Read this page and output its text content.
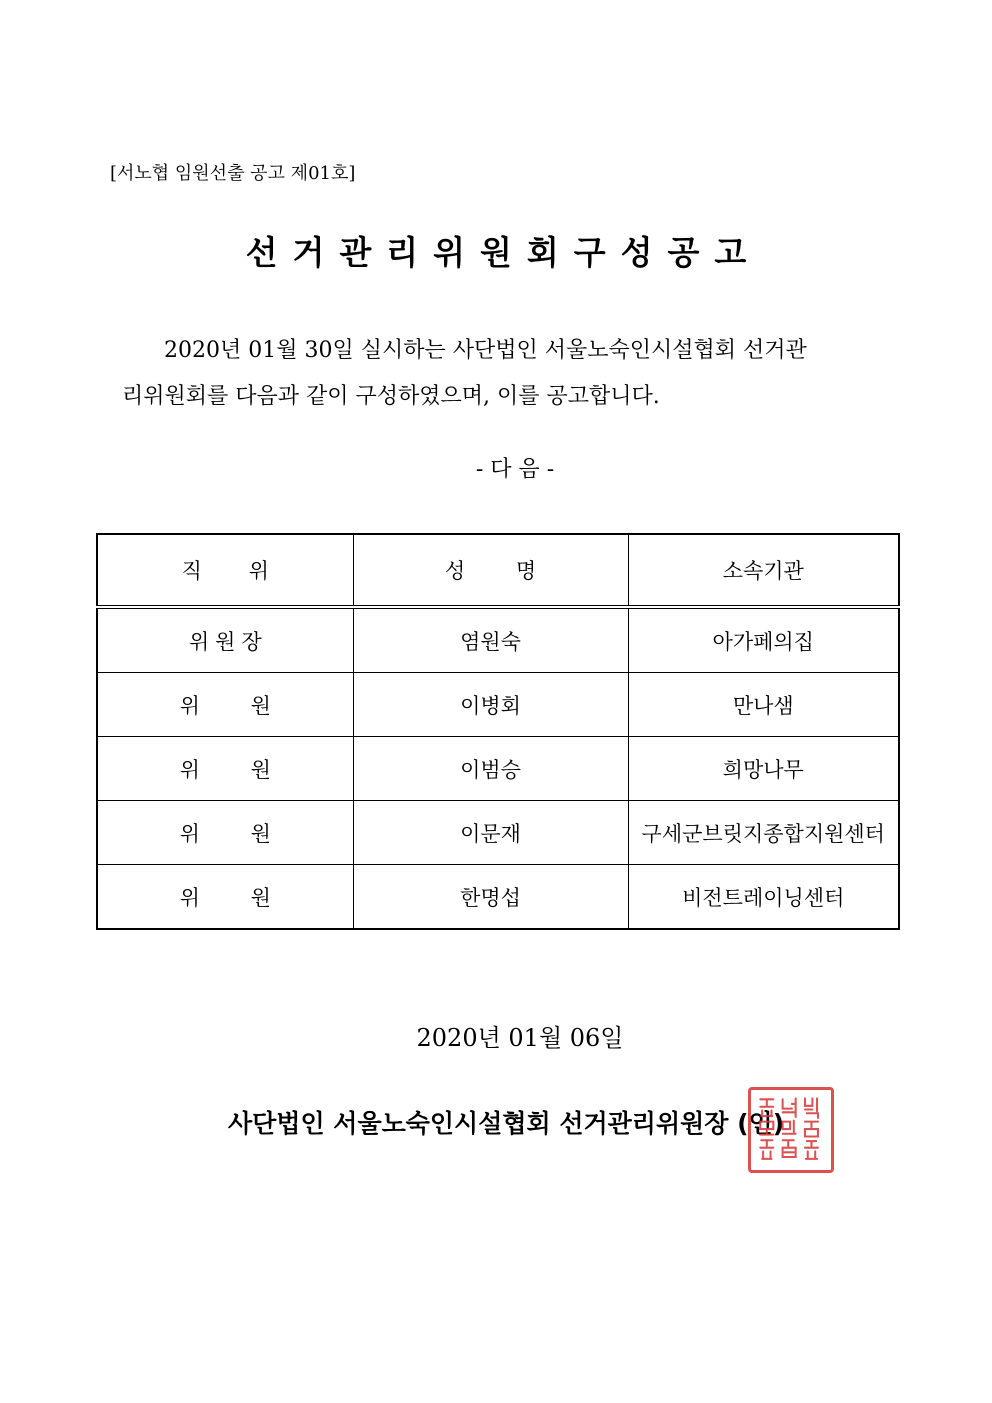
[서노협 임원선출 공고 제01호]
선거관리위원회구성공고
2020년 01월 30일 실시하는 사단법인 서울노숙인시설협회 선거관
리위원회를 다음과 같이 구성하였으며, 이를 공고합니다.
- 다 음 -
직 위	성 명	소속기관
위원장	염원숙	아가페의집
위 원	이병회	만나샘
위 원	이범승	희망나무
위 원	이문재	구세군브릿지종합지원센터
위 원	한명섭	비전트레이닝센터
2020년 01월 06일
사단법인 서울노숙인시설협회 선거관리위원장 (인)
